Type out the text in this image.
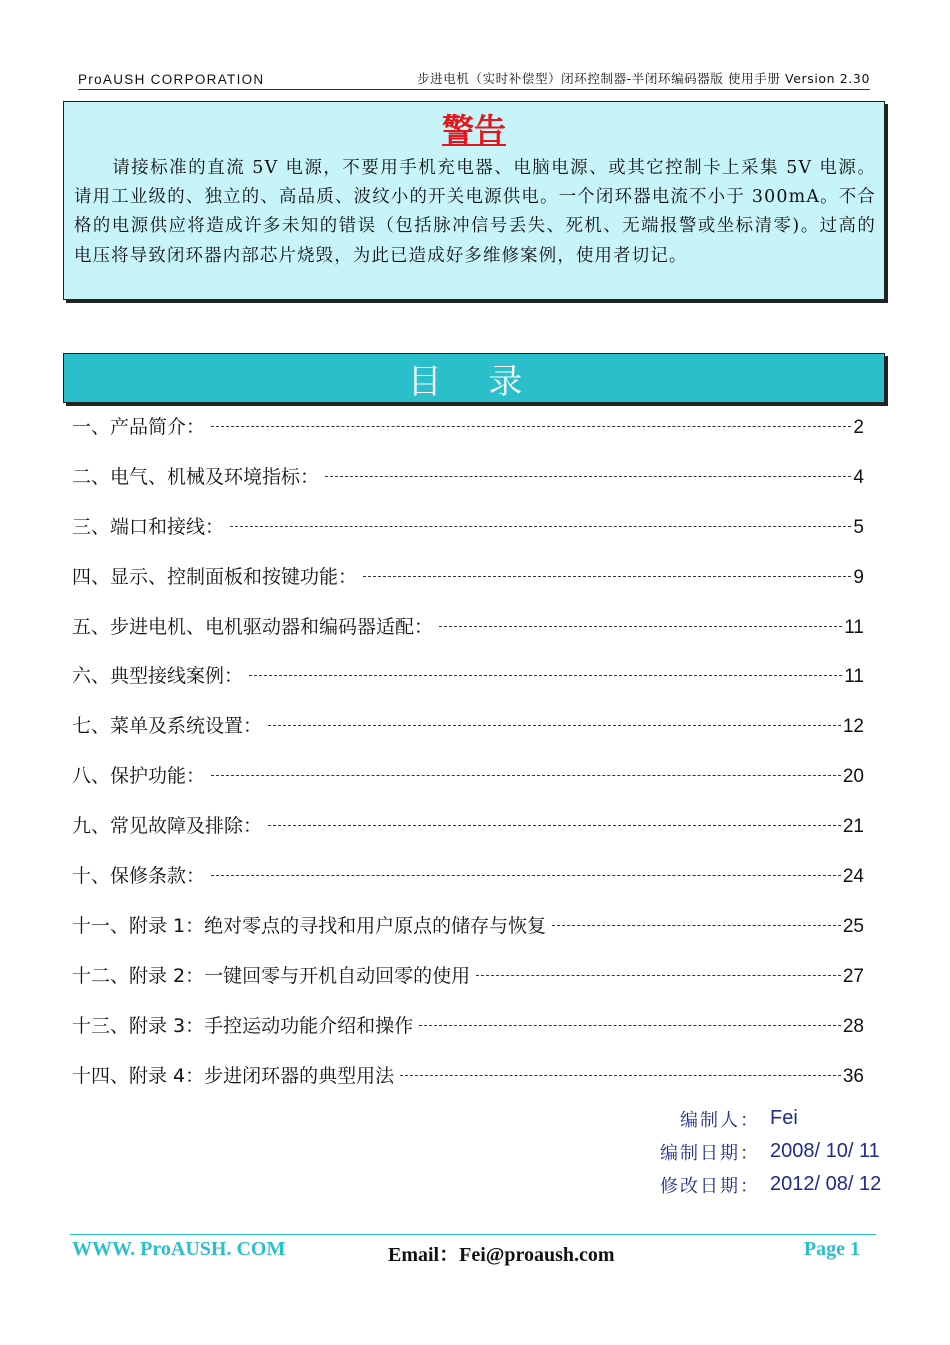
ProAUSH CORPORATION	步进电机（实时补偿型）闭环控制器-半闭环编码器版 使用手册 Version 2.30
警告
请接标准的直流 5V 电源，不要用手机充电器、电脑电源、或其它控制卡上采集 5V 电源。请用工业级的、独立的、高品质、波纹小的开关电源供电。一个闭环器电流不小于 300mA。不合格的电源供应将造成许多未知的错误（包括脉冲信号丢失、死机、无端报警或坐标清零)。过高的电压将导致闭环器内部芯片烧毁，为此已造成好多维修案例，使用者切记。
目 录
一、产品简介：	2
二、电气、机械及环境指标：	4
三、端口和接线：	5
四、显示、控制面板和按键功能：	9
五、步进电机、电机驱动器和编码器适配：	11
六、典型接线案例：	11
七、菜单及系统设置：	12
八、保护功能：	20
九、常见故障及排除：	21
十、保修条款：	24
十一、附录 1：绝对零点的寻找和用户原点的储存与恢复	25
十二、附录 2：一键回零与开机自动回零的使用	27
十三、附录 3：手控运动功能介绍和操作	28
十四、附录 4：步进闭环器的典型用法	36
编制人： Fei
编制日期： 2008/ 10/ 11
修改日期： 2012/ 08/ 12
WWW. ProAUSH. COM	Email：Fei@proaush.com	Page 1
